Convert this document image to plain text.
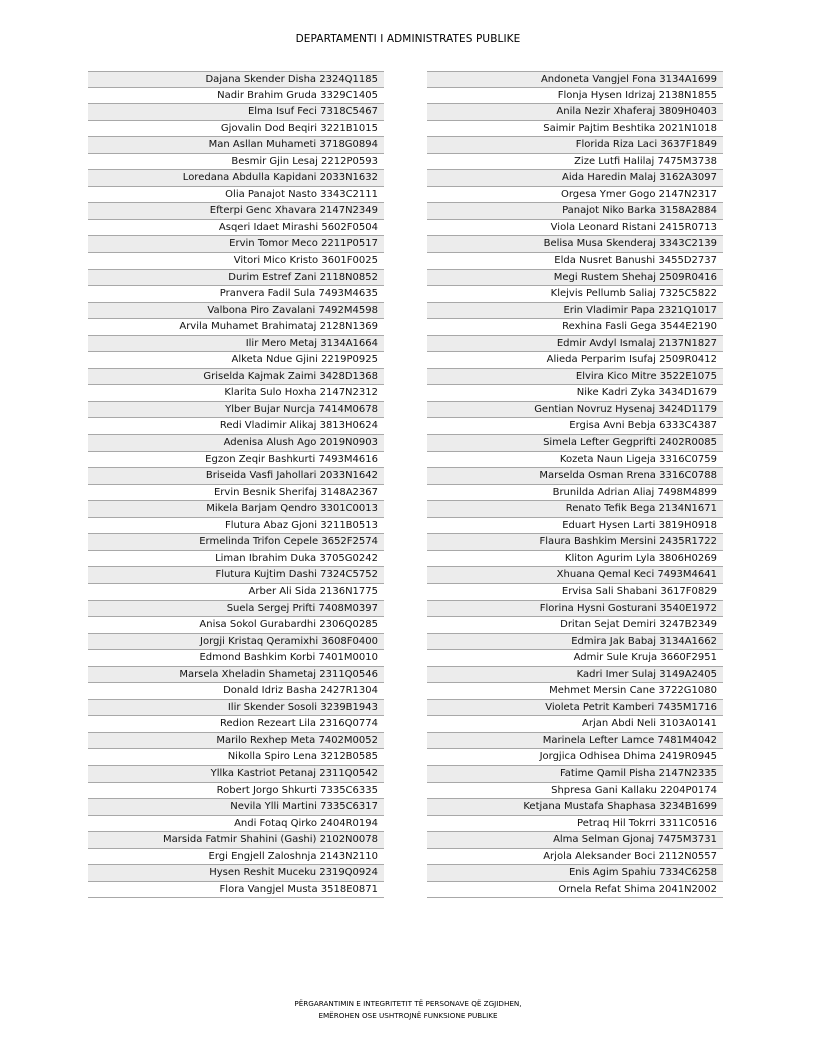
DEPARTAMENTI I ADMINISTRATES PUBLIKE
Dajana Skender Disha 2324Q1185
Nadir Brahim Gruda 3329C1405
Elma Isuf Feci 7318C5467
Gjovalin Dod Beqiri 3221B1015
Man Asllan Muhameti 3718G0894
Besmir Gjin Lesaj 2212P0593
Loredana Abdulla Kapidani 2033N1632
Olia Panajot Nasto 3343C2111
Efterpi Genc Xhavara 2147N2349
Asqeri Idaet Mirashi 5602F0504
Ervin Tomor Meco 2211P0517
Vitori Mico Kristo 3601F0025
Durim Estref Zani 2118N0852
Pranvera Fadil Sula 7493M4635
Valbona Piro Zavalani 7492M4598
Arvila Muhamet Brahimataj 2128N1369
Ilir Mero Metaj 3134A1664
Alketa Ndue Gjini 2219P0925
Griselda Kajmak Zaimi 3428D1368
Klarita Sulo Hoxha 2147N2312
Ylber Bujar Nurcja 7414M0678
Redi Vladimir Alikaj 3813H0624
Adenisa Alush Ago 2019N0903
Egzon Zeqir Bashkurti 7493M4616
Briseida Vasfi Jahollari 2033N1642
Ervin Besnik Sherifaj 3148A2367
Mikela Barjam Qendro 3301C0013
Flutura Abaz Gjoni 3211B0513
Ermelinda Trifon Cepele 3652F2574
Liman Ibrahim Duka 3705G0242
Flutura Kujtim Dashi 7324C5752
Arber Ali Sida 2136N1775
Suela Sergej Prifti 7408M0397
Anisa Sokol Gurabardhi 2306Q0285
Jorgji Kristaq Qeramixhi 3608F0400
Edmond Bashkim Korbi 7401M0010
Marsela Xheladin Shametaj 2311Q0546
Donald Idriz Basha 2427R1304
Ilir Skender Sosoli 3239B1943
Redion Rezeart Lila 2316Q0774
Marilo Rexhep Meta 7402M0052
Nikolla Spiro Lena 3212B0585
Yllka Kastriot Petanaj 2311Q0542
Robert Jorgo Shkurti 7335C6335
Nevila Ylli Martini 7335C6317
Andi Fotaq Qirko 2404R0194
Marsida Fatmir Shahini (Gashi) 2102N0078
Ergi Engjell Zaloshnja 2143N2110
Hysen Reshit Muceku 2319Q0924
Flora Vangjel Musta 3518E0871
Andoneta Vangjel Fona 3134A1699
Flonja Hysen Idrizaj 2138N1855
Anila Nezir Xhaferaj 3809H0403
Saimir Pajtim Beshtika 2021N1018
Florida Riza Laci 3637F1849
Zize Lutfi Halilaj 7475M3738
Aida Haredin Malaj 3162A3097
Orgesa Ymer Gogo 2147N2317
Panajot Niko Barka 3158A2884
Viola Leonard Ristani 2415R0713
Belisa Musa Skenderaj 3343C2139
Elda Nusret Banushi 3455D2737
Megi Rustem Shehaj 2509R0416
Klejvis Pellumb Saliaj 7325C5822
Erin Vladimir Papa 2321Q1017
Rexhina Fasli Gega 3544E2190
Edmir Avdyl Ismalaj 2137N1827
Alieda Perparim Isufaj 2509R0412
Elvira Kico Mitre 3522E1075
Nike Kadri Zyka 3434D1679
Gentian Novruz Hysenaj 3424D1179
Ergisa Avni Bebja 6333C4387
Simela Lefter Gegprifti 2402R0085
Kozeta Naun Ligeja 3316C0759
Marselda Osman Rrena 3316C0788
Brunilda Adrian Aliaj 7498M4899
Renato Tefik Bega 2134N1671
Eduart Hysen Larti 3819H0918
Flaura Bashkim Mersini 2435R1722
Kliton Agurim Lyla 3806H0269
Xhuana Qemal Keci 7493M4641
Ervisa Sali Shabani 3617F0829
Florina Hysni Gosturani 3540E1972
Dritan Sejat Demiri 3247B2349
Edmira Jak Babaj 3134A1662
Admir Sule Kruja 3660F2951
Kadri Imer Sulaj 3149A2405
Mehmet Mersin Cane 3722G1080
Violeta Petrit Kamberi 7435M1716
Arjan Abdi Neli 3103A0141
Marinela Lefter Lamce 7481M4042
Jorgjica Odhisea Dhima 2419R0945
Fatime Qamil Pisha 2147N2335
Shpresa Gani Kallaku 2204P0174
Ketjana Mustafa Shaphasa 3234B1699
Petraq Hil Tokrri 3311C0516
Alma Selman Gjonaj 7475M3731
Arjola Aleksander Boci 2112N0557
Enis Agim Spahiu 7334C6258
Ornela Refat Shima 2041N2002
PËRGARANTIMIN E INTEGRITETIT TË PERSONAVE QË ZGJIDHEN,
EMËROHEN OSE USHTROJNË FUNKSIONE PUBLIKE
